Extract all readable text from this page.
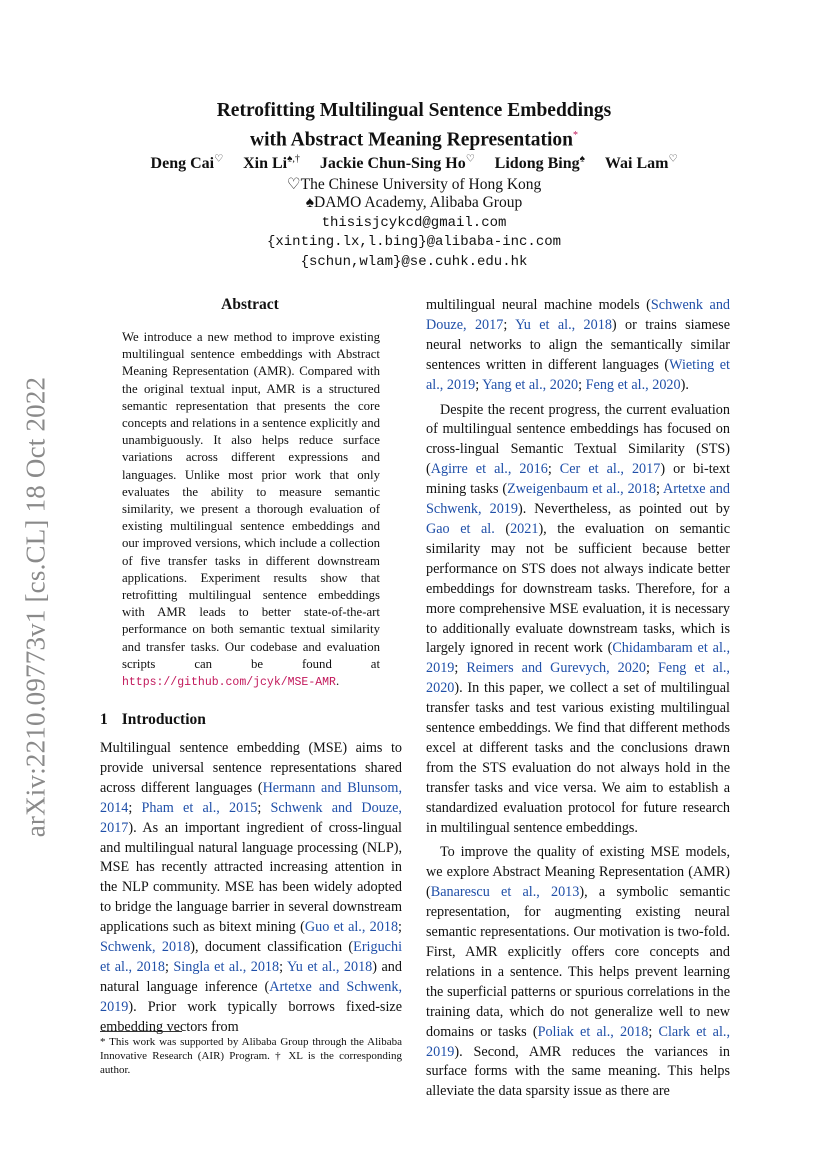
arXiv:2210.09773v1 [cs.CL] 18 Oct 2022
Retrofitting Multilingual Sentence Embeddings
with Abstract Meaning Representation*
Deng Cai♡ Xin Li♠,† Jackie Chun-Sing Ho♡ Lidong Bing♠ Wai Lam♡
♡The Chinese University of Hong Kong
♠DAMO Academy, Alibaba Group
thisisjcykcd@gmail.com
{xinting.lx,l.bing}@alibaba-inc.com
{schun,wlam}@se.cuhk.edu.hk
Abstract
We introduce a new method to improve existing multilingual sentence embeddings with Abstract Meaning Representation (AMR). Compared with the original textual input, AMR is a structured semantic representation that presents the core concepts and relations in a sentence explicitly and unambiguously. It also helps reduce surface variations across different expressions and languages. Unlike most prior work that only evaluates the ability to measure semantic similarity, we present a thorough evaluation of existing multilingual sentence embeddings and our improved versions, which include a collection of five transfer tasks in different downstream applications. Experiment results show that retrofitting multilingual sentence embeddings with AMR leads to better state-of-the-art performance on both semantic textual similarity and transfer tasks. Our codebase and evaluation scripts can be found at https://github.com/jcyk/MSE-AMR.
1 Introduction
Multilingual sentence embedding (MSE) aims to provide universal sentence representations shared across different languages (Hermann and Blunsom, 2014; Pham et al., 2015; Schwenk and Douze, 2017). As an important ingredient of cross-lingual and multilingual natural language processing (NLP), MSE has recently attracted increasing attention in the NLP community. MSE has been widely adopted to bridge the language barrier in several downstream applications such as bitext mining (Guo et al., 2018; Schwenk, 2018), document classification (Eriguchi et al., 2018; Singla et al., 2018; Yu et al., 2018) and natural language inference (Artetxe and Schwenk, 2019). Prior work typically borrows fixed-size embedding vectors from

multilingual neural machine models (Schwenk and Douze, 2017; Yu et al., 2018) or trains siamese neural networks to align the semantically similar sentences written in different languages (Wieting et al., 2019; Yang et al., 2020; Feng et al., 2020).

Despite the recent progress, the current evaluation of multilingual sentence embeddings has focused on cross-lingual Semantic Textual Similarity (STS) (Agirre et al., 2016; Cer et al., 2017) or bi-text mining tasks (Zweigenbaum et al., 2018; Artetxe and Schwenk, 2019). Nevertheless, as pointed out by Gao et al. (2021), the evaluation on semantic similarity may not be sufficient because better performance on STS does not always indicate better embeddings for downstream tasks. Therefore, for a more comprehensive MSE evaluation, it is necessary to additionally evaluate downstream tasks, which is largely ignored in recent work (Chidambaram et al., 2019; Reimers and Gurevych, 2020; Feng et al., 2020). In this paper, we collect a set of multilingual transfer tasks and test various existing multilingual sentence embeddings. We find that different methods excel at different tasks and the conclusions drawn from the STS evaluation do not always hold in the transfer tasks and vice versa. We aim to establish a standardized evaluation protocol for future research in multilingual sentence embeddings.

To improve the quality of existing MSE models, we explore Abstract Meaning Representation (AMR) (Banarescu et al., 2013), a symbolic semantic representation, for augmenting existing neural semantic representations. Our motivation is two-fold. First, AMR explicitly offers core concepts and relations in a sentence. This helps prevent learning the superficial patterns or spurious correlations in the training data, which do not generalize well to new domains or tasks (Poliak et al., 2018; Clark et al., 2019). Second, AMR reduces the variances in surface forms with the same meaning. This helps alleviate the data sparsity issue as there are

* This work was supported by Alibaba Group through the Alibaba Innovative Research (AIR) Program. † XL is the corresponding author.
